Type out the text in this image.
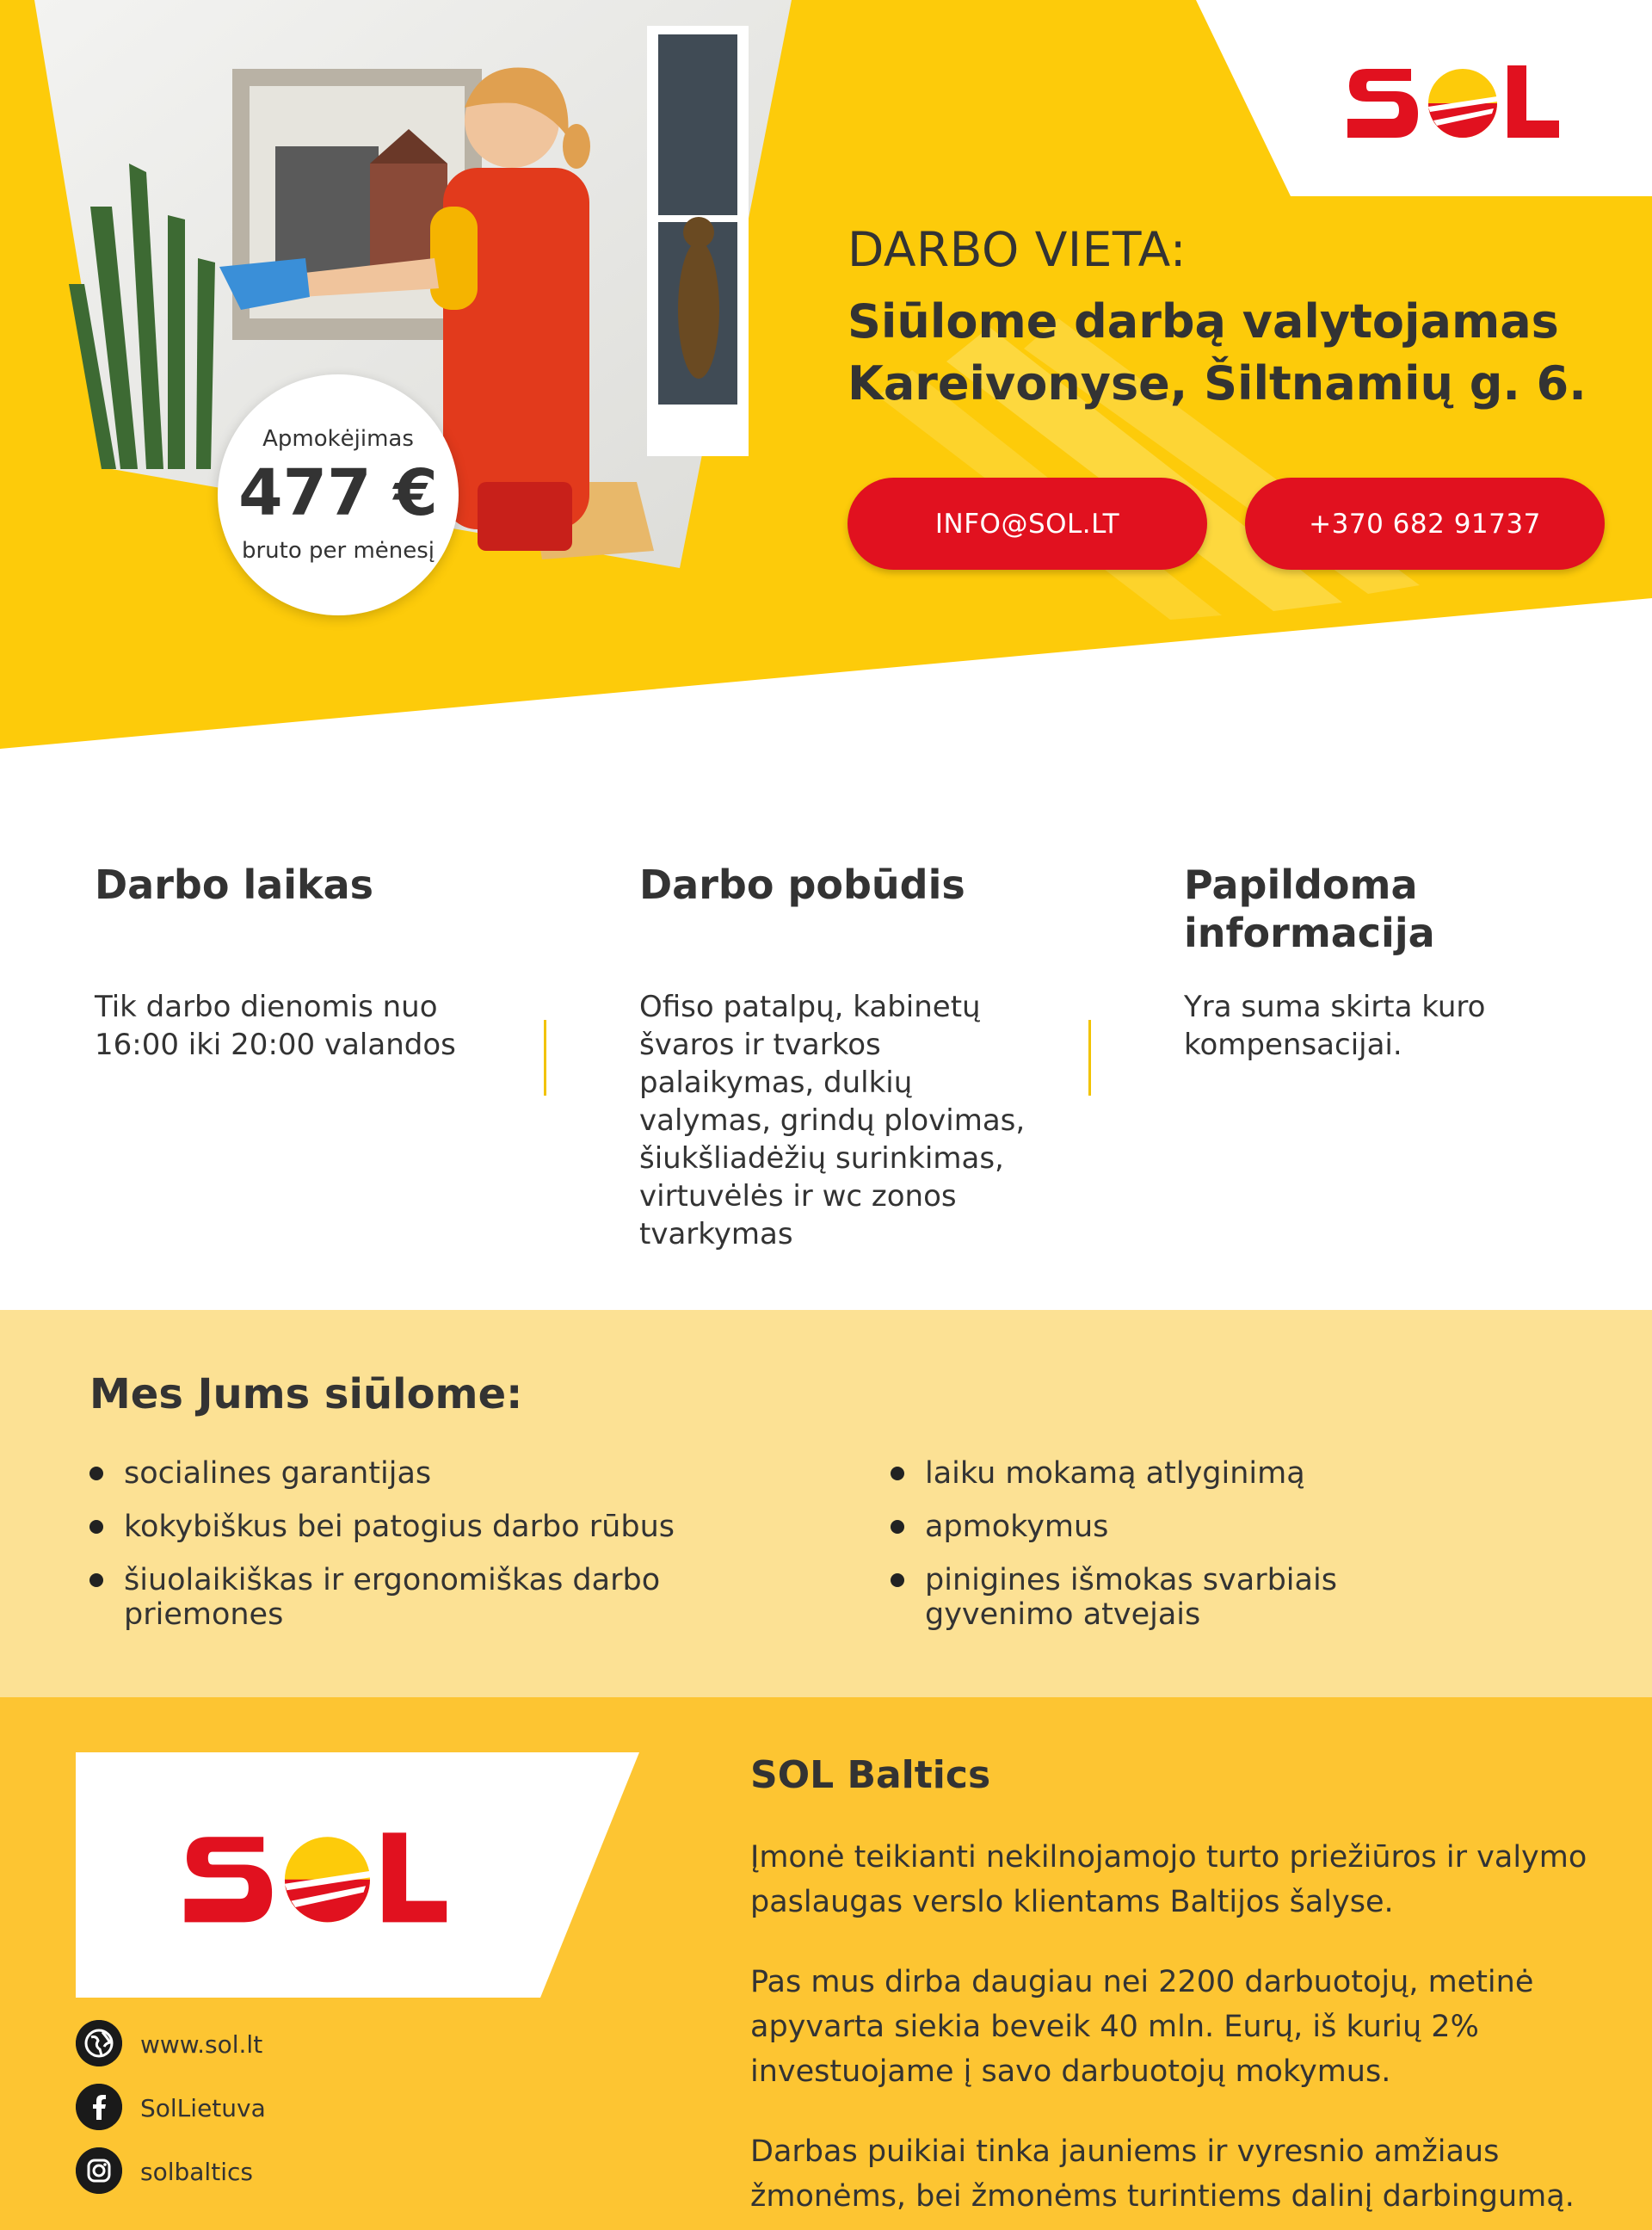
DARBO VIETA:
Siūlome darbą valytojamas Kareivonyse, Šiltnamių g. 6.
INFO@SOL.LT	+370 682 91737
Apmokėjimas
477 €
bruto per mėnesį
Darbo laikas
Tik darbo dienomis nuo 16:00 iki 20:00 valandos
Darbo pobūdis
Ofiso patalpų, kabinetų švaros ir tvarkos palaikymas, dulkių valymas, grindų plovimas, šiukšliadėžių surinkimas, virtuvėlės ir wc zonos tvarkymas
Papildoma informacija
Yra suma skirta kuro kompensacijai.
Mes Jums siūlome:
socialines garantijas
kokybiškus bei patogius darbo rūbus
šiuolaikiškas ir ergonomiškas darbo priemones
laiku mokamą atlyginimą
apmokymus
pinigines išmokas svarbiais gyvenimo atvejais
www.sol.lt
SolLietuva
solbaltics
SOL Baltics

Įmonė teikianti nekilnojamojo turto priežiūros ir valymo paslaugas verslo klientams Baltijos šalyse.

Pas mus dirba daugiau nei 2200 darbuotojų, metinė apyvarta siekia beveik 40 mln. Eurų, iš kurių 2% investuojame į savo darbuotojų mokymus.

Darbas puikiai tinka jauniems ir vyresnio amžiaus žmonėms, bei žmonėms turintiems dalinį darbingumą.
